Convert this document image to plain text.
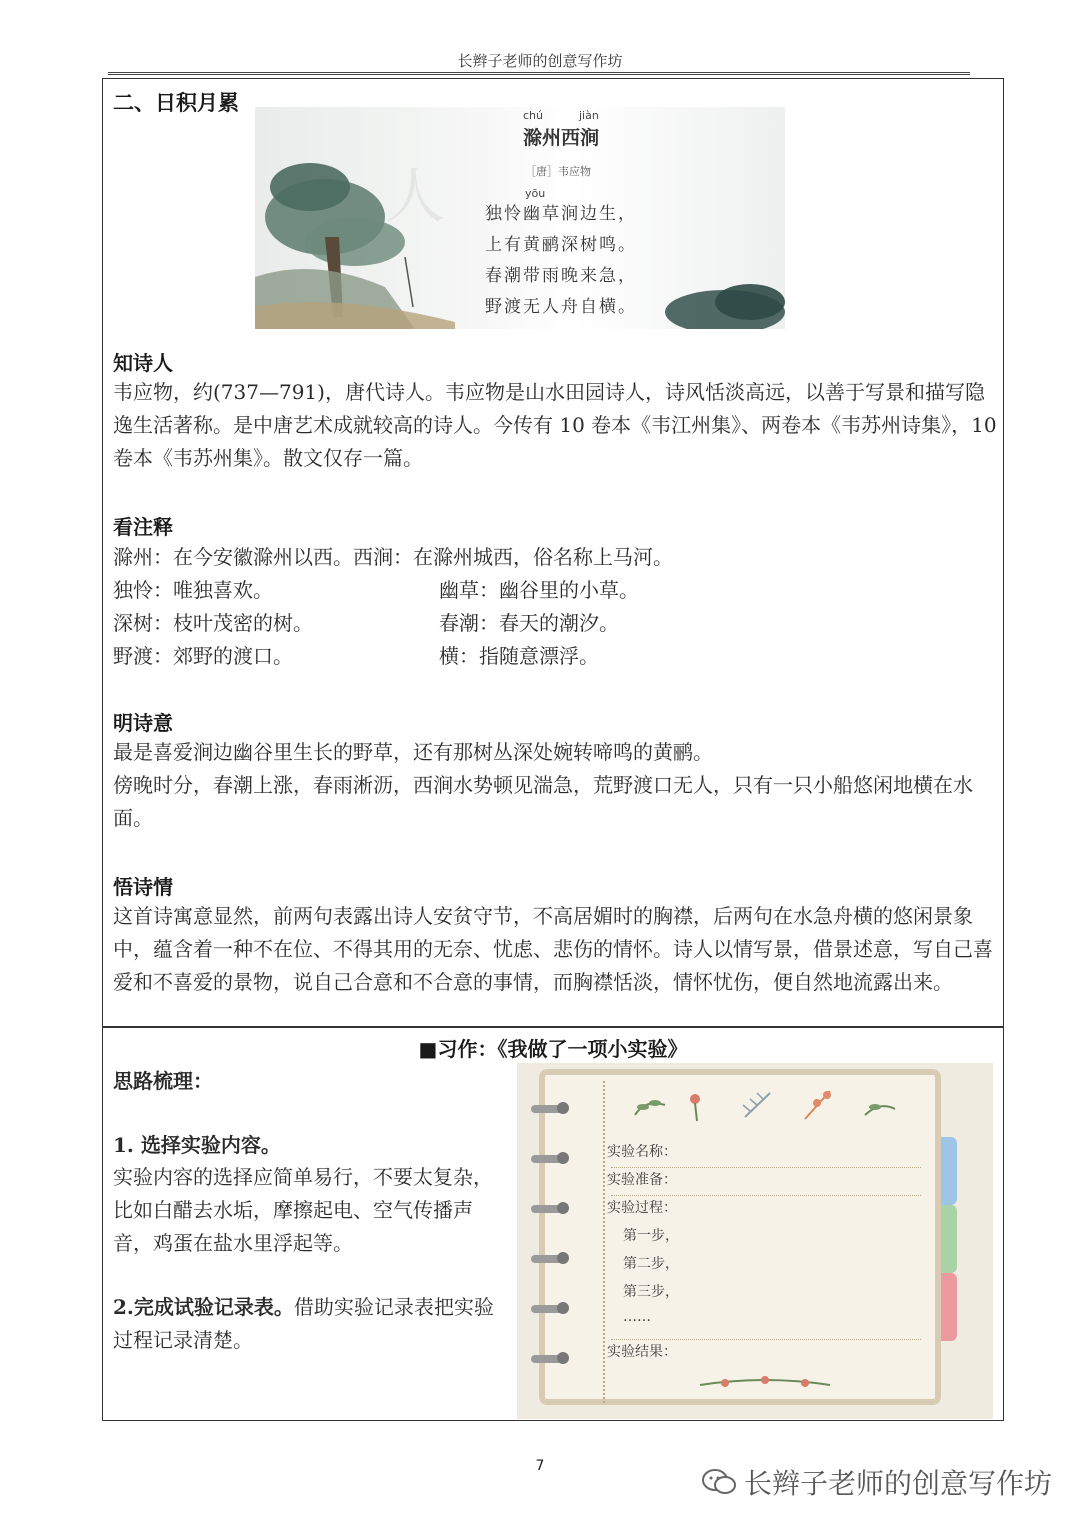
长辫子老师的创意写作坊
二、日积月累
人
chú	jiàn
滁州西涧
［唐］韦应物
yōu
独怜幽草涧边生，
上有黄鹂深树鸣。
春潮带雨晚来急，
野渡无人舟自横。
知诗人
韦应物，约(737—791)，唐代诗人。韦应物是山水田园诗人，诗风恬淡高远，以善于写景和描写隐逸生活著称。是中唐艺术成就较高的诗人。今传有 10 卷本《韦江州集》、两卷本《韦苏州诗集》，10 卷本《韦苏州集》。散文仅存一篇。
看注释
滁州：在今安徽滁州以西。西涧：在滁州城西，俗名称上马河。
独怜：唯独喜欢。	幽草：幽谷里的小草。
深树：枝叶茂密的树。	春潮：春天的潮汐。
野渡：郊野的渡口。	横：指随意漂浮。
明诗意
最是喜爱涧边幽谷里生长的野草，还有那树丛深处婉转啼鸣的黄鹂。
傍晚时分，春潮上涨，春雨淅沥，西涧水势顿见湍急，荒野渡口无人，只有一只小船悠闲地横在水面。
悟诗情
这首诗寓意显然，前两句表露出诗人安贫守节，不高居媚时的胸襟，后两句在水急舟横的悠闲景象中，蕴含着一种不在位、不得其用的无奈、忧虑、悲伤的情怀。诗人以情写景，借景述意，写自己喜爱和不喜爱的景物，说自己合意和不合意的事情，而胸襟恬淡，情怀忧伤，便自然地流露出来。
■习作：《我做了一项小实验》
思路梳理：
1. 选择实验内容。
实验内容的选择应简单易行，不要太复杂，比如白醋去水垢，摩擦起电、空气传播声音，鸡蛋在盐水里浮起等。
2.完成试验记录表。借助实验记录表把实验过程记录清楚。
实验名称：
实验准备：
实验过程：
第一步，
第二步，
第三步，
……
实验结果：
7
长辫子老师的创意写作坊
